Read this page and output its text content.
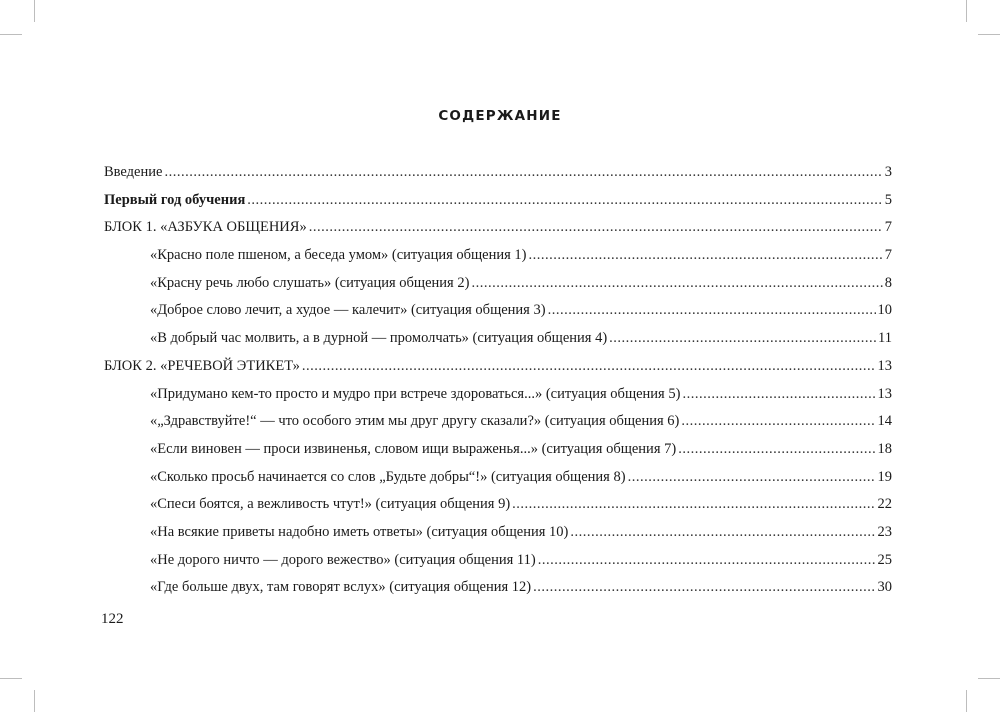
СОДЕРЖАНИЕ
Введение .....	3
Первый год обучения .....	5
БЛОК 1. «АЗБУКА ОБЩЕНИЯ» .....	7
«Красно поле пшеном, а беседа умом» (ситуация общения 1) .....	7
«Красну речь любо слушать» (ситуация общения 2) .....	8
«Доброе слово лечит, а худое — калечит» (ситуация общения 3) .....	10
«В добрый час молвить, а в дурной — промолчать» (ситуация общения 4) .....	11
БЛОК 2. «РЕЧЕВОЙ ЭТИКЕТ» .....	13
«Придумано кем-то просто и мудро при встрече здороваться...» (ситуация общения 5) .....	13
«„Здравствуйте!“ — что особого этим мы друг другу сказали?» (ситуация общения 6) .....	14
«Если виновен — проси извиненья, словом ищи выраженья...» (ситуация общения 7) .....	18
«Сколько просьб начинается со слов „Будьте добры“!» (ситуация общения 8) .....	19
«Спеси боятся, а вежливость чтут!» (ситуация общения 9) .....	22
«На всякие приветы надобно иметь ответы» (ситуация общения 10) .....	23
«Не дорого ничто — дорого вежество» (ситуация общения 11) .....	25
«Где больше двух, там говорят вслух» (ситуация общения 12) .....	30
122
